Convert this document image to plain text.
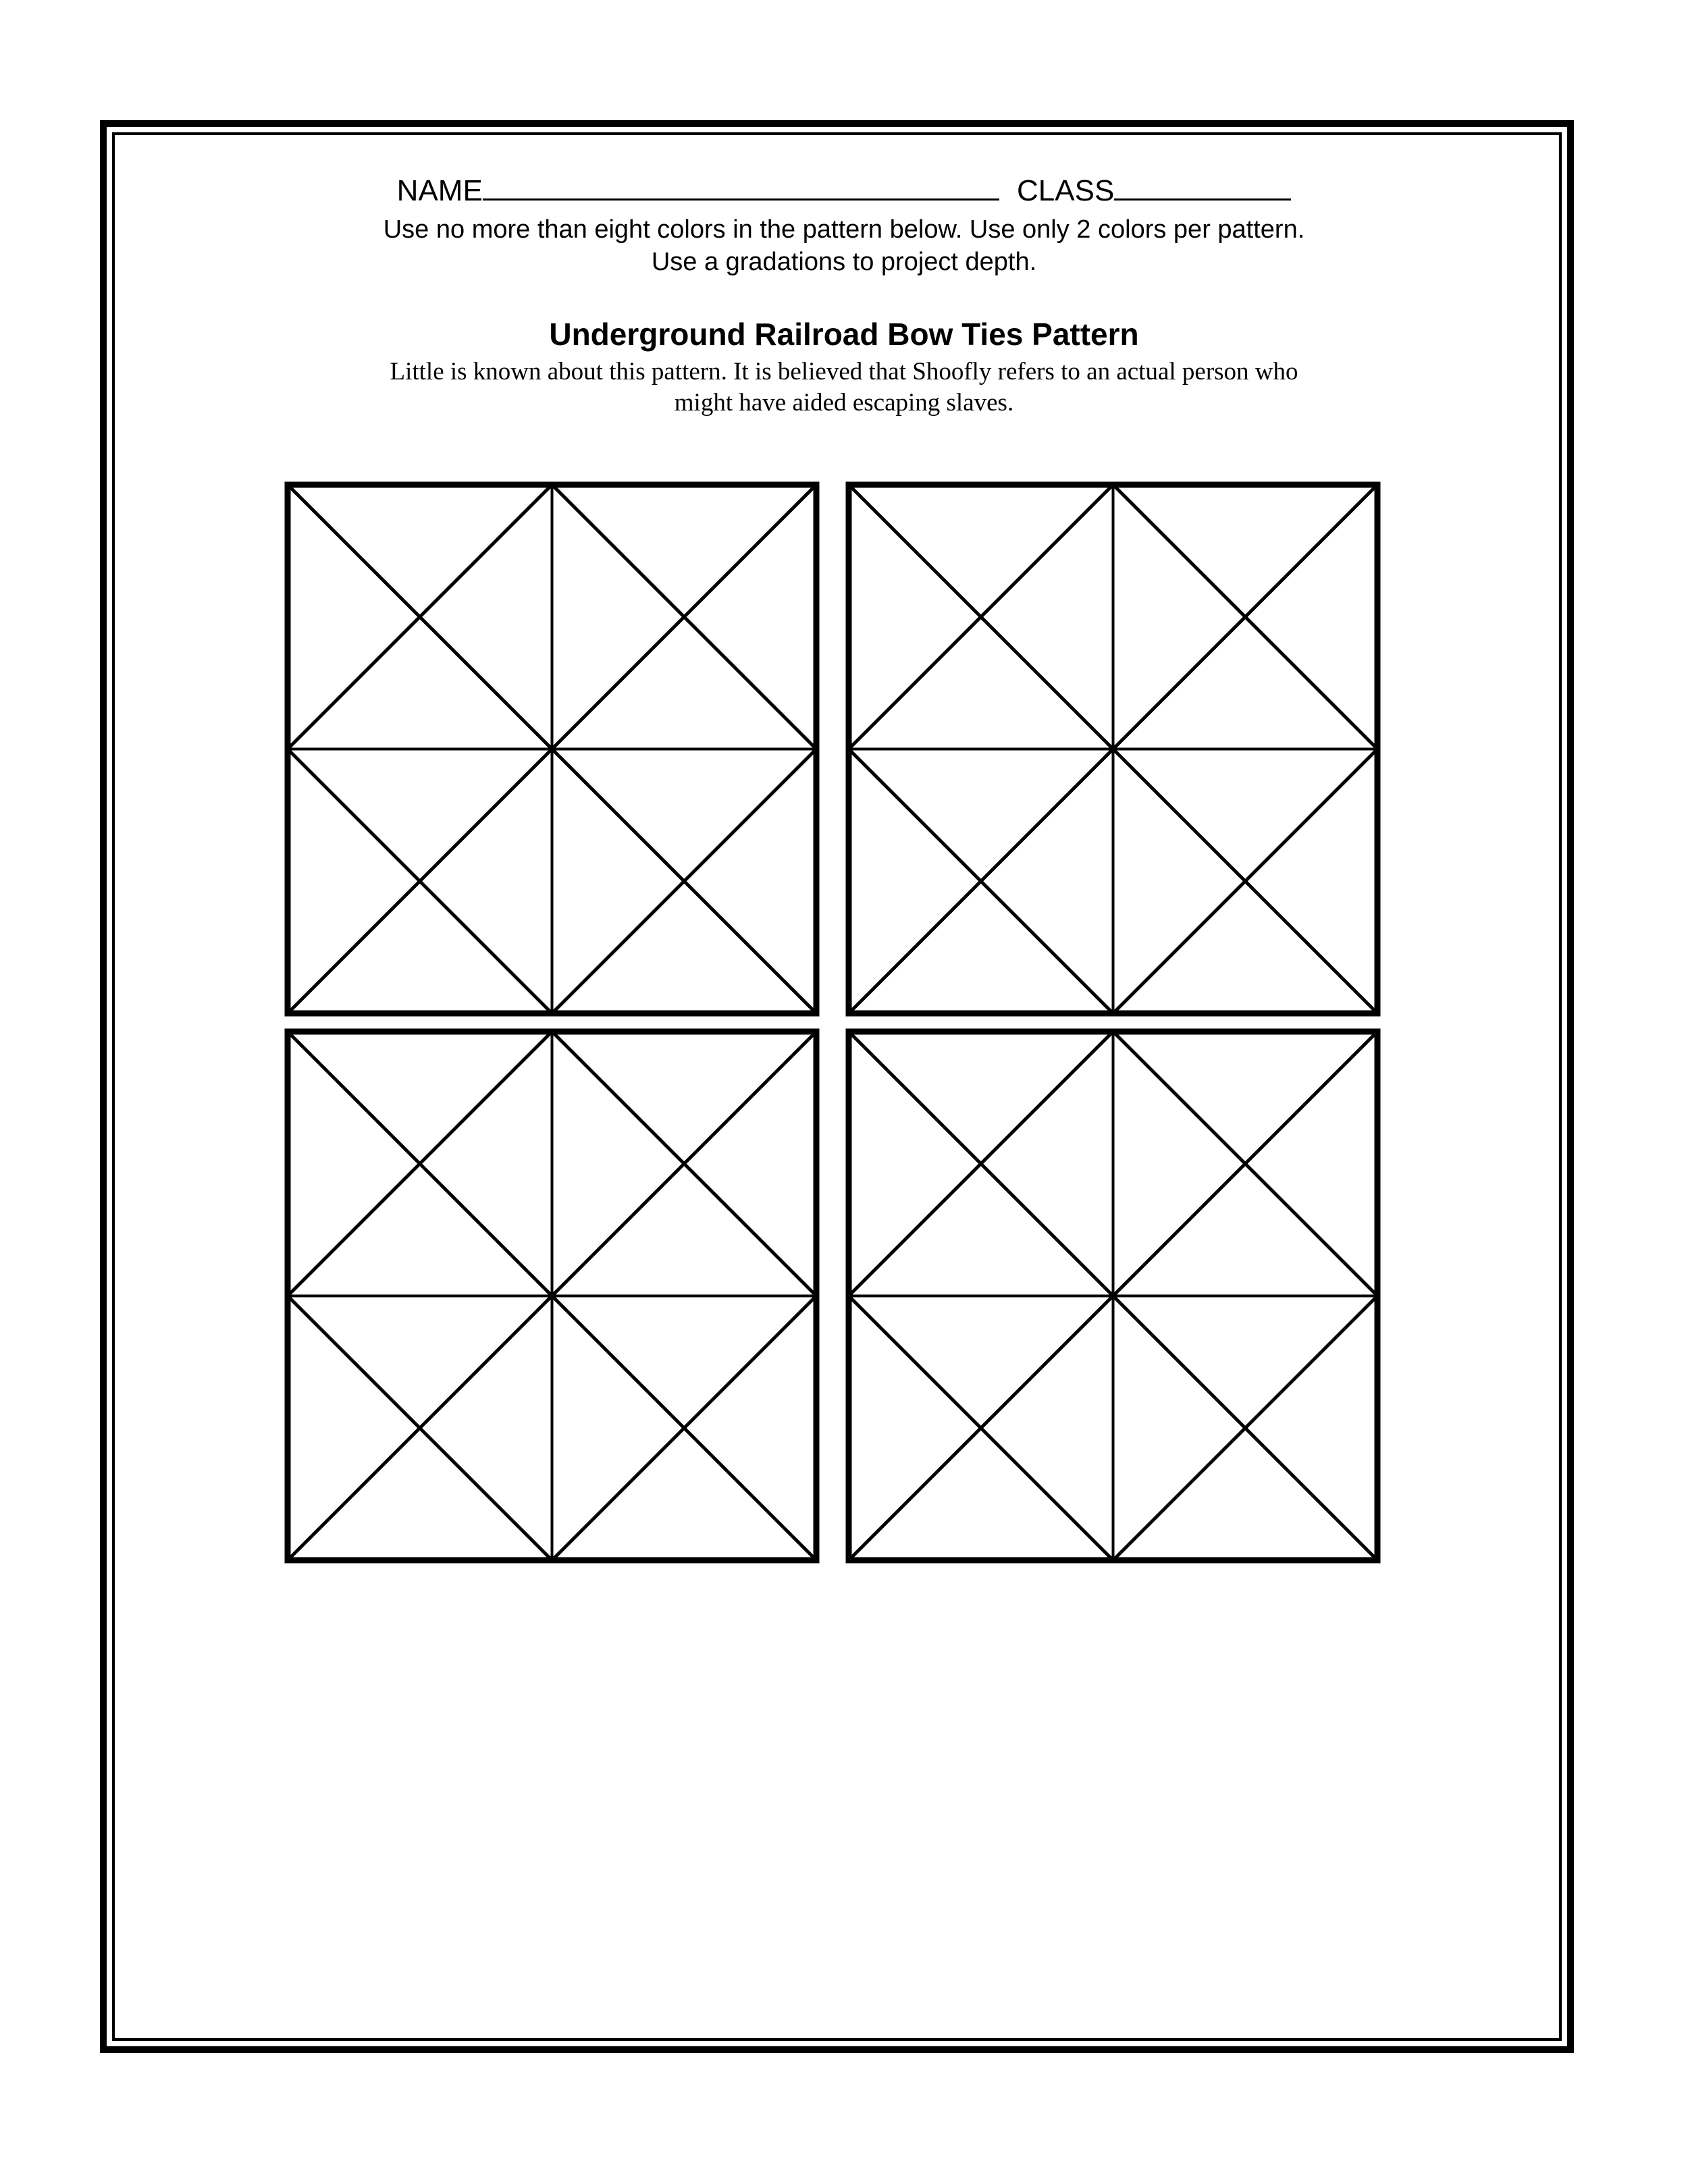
NAME	CLASS
Use no more than eight colors in the pattern below. Use only 2 colors per pattern.
Use a gradations to project depth.
Underground Railroad Bow Ties Pattern
Little is known about this pattern. It is believed that Shoofly refers to an actual person who
might have aided escaping slaves.
